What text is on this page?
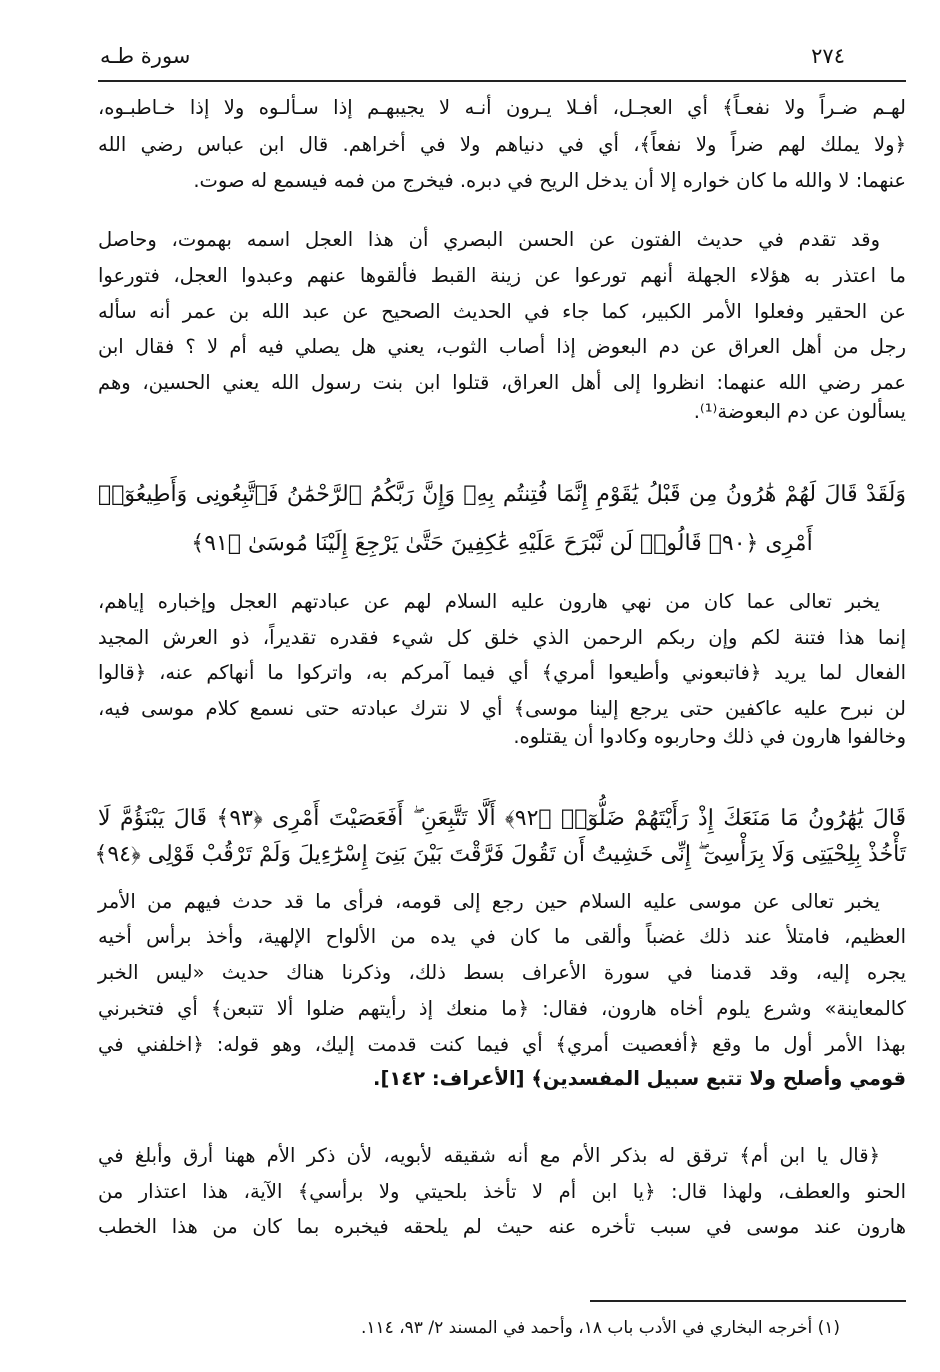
٢٧٤
سورة طـه
لهـم ضـراً ولا نفعـاً﴾ أي العجـل، أفـلا يـرون أنـه لا يجيبهـم إذا سـألـوه ولا إذا خـاطبـوه،
﴿ولا يملك لهم ضراً ولا نفعاً﴾، أي في دنياهم ولا في أخراهم. قال ابن عباس رضي الله
عنهما: لا والله ما كان خواره إلا أن يدخل الريح في دبره. فيخرج من فمه فيسمع له صوت.
وقد تقدم في حديث الفتون عن الحسن البصري أن هذا العجل اسمه بهموت، وحاصل
ما اعتذر به هؤلاء الجهلة أنهم تورعوا عن زينة القبط فألقوها عنهم وعبدوا العجل، فتورعوا
عن الحقير وفعلوا الأمر الكبير، كما جاء في الحديث الصحيح عن عبد الله بن عمر أنه سأله
رجل من أهل العراق عن دم البعوض إذا أصاب الثوب، يعني هل يصلي فيه أم لا ؟ فقال ابن
عمر رضي الله عنهما: انظروا إلى أهل العراق، قتلوا ابن بنت رسول الله يعني الحسين، وهم
يسألون عن دم البعوضة⁽¹⁾.
وَلَقَدْ قَالَ لَهُمْ هَٰرُونُ مِن قَبْلُ يَٰقَوْمِ إِنَّمَا فُتِنتُم بِهِۦ وَإِنَّ رَبَّكُمُ ٱلرَّحْمَٰنُ فَٱتَّبِعُونِى وَأَطِيعُوٓا۟
أَمْرِى ﴿٩٠﴾ قَالُوا۟ لَن نَّبْرَحَ عَلَيْهِ عَٰكِفِينَ حَتَّىٰ يَرْجِعَ إِلَيْنَا مُوسَىٰ ﴿٩١﴾
يخبر تعالى عما كان من نهي هارون عليه السلام لهم عن عبادتهم العجل وإخباره إياهم،
إنما هذا فتنة لكم وإن ربكم الرحمن الذي خلق كل شيء فقدره تقديراً، ذو العرش المجيد
الفعال لما يريد ﴿فاتبعوني وأطيعوا أمري﴾ أي فيما آمركم به، واتركوا ما أنهاكم عنه، ﴿قالوا
لن نبرح عليه عاكفين حتى يرجع إلينا موسى﴾ أي لا نترك عبادته حتى نسمع كلام موسى فيه،
وخالفوا هارون في ذلك وحاربوه وكادوا أن يقتلوه.
قَالَ يَٰهَٰرُونُ مَا مَنَعَكَ إِذْ رَأَيْتَهُمْ ضَلُّوٓا۟ ﴿٩٢﴾ أَلَّا تَتَّبِعَنِ ۖ أَفَعَصَيْتَ أَمْرِى ﴿٩٣﴾ قَالَ يَبْنَؤُمَّ لَا
تَأْخُذْ بِلِحْيَتِى وَلَا بِرَأْسِىٓ ۖ إِنِّى خَشِيتُ أَن تَقُولَ فَرَّقْتَ بَيْنَ بَنِىٓ إِسْرَٰٓءِيلَ وَلَمْ تَرْقُبْ قَوْلِى ﴿٩٤﴾
يخبر تعالى عن موسى عليه السلام حين رجع إلى قومه، فرأى ما قد حدث فيهم من الأمر
العظيم، فامتلأ عند ذلك غضباً وألقى ما كان في يده من الألواح الإلهية، وأخذ برأس أخيه
يجره إليه، وقد قدمنا في سورة الأعراف بسط ذلك، وذكرنا هناك حديث «ليس الخبر
كالمعاينة» وشرع يلوم أخاه هارون، فقال: ﴿ما منعك إذ رأيتهم ضلوا ألا تتبعن﴾ أي فتخبرني
بهذا الأمر أول ما وقع ﴿أفعصيت أمري﴾ أي فيما كنت قدمت إليك، وهو قوله: ﴿اخلفني في
قومي وأصلح ولا تتبع سبيل المفسدين﴾ [الأعراف: ١٤٢].
﴿قال يا ابن أم﴾ ترقق له بذكر الأم مع أنه شقيقه لأبويه، لأن ذكر الأم ههنا أرق وأبلغ في
الحنو والعطف، ولهذا قال: ﴿يا ابن أم لا تأخذ بلحيتي ولا برأسي﴾ الآية، هذا اعتذار من
هارون عند موسى في سبب تأخره عنه حيث لم يلحقه فيخبره بما كان من هذا الخطب
(١) أخرجه البخاري في الأدب باب ١٨، وأحمد في المسند ٢/ ٩٣، ١١٤.
